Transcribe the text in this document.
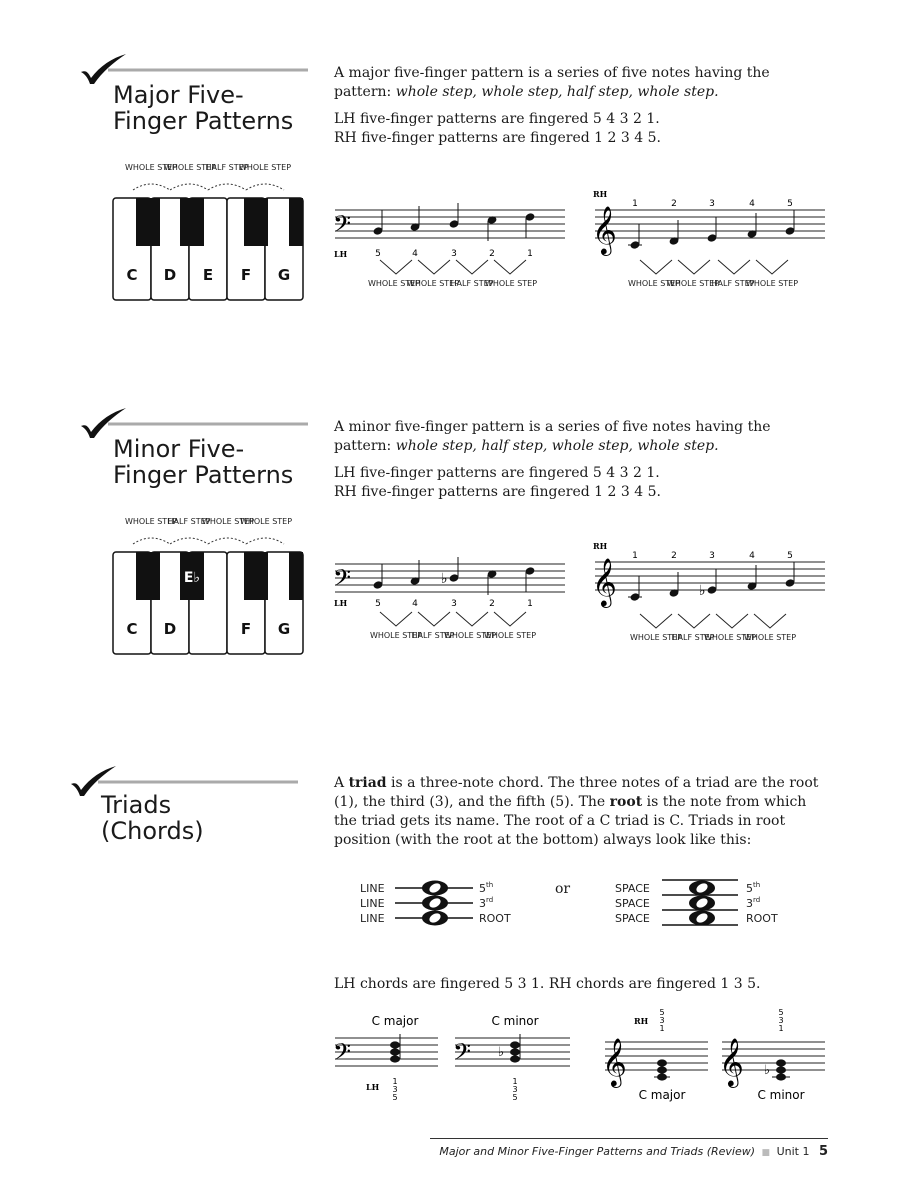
Major Five-
Finger Patterns

A major five-finger pattern is a series of five notes having the
pattern: whole step, whole step, half step, whole step.

LH five-finger patterns are fingered 5 4 3 2 1.
RH five-finger patterns are fingered 1 2 3 4 5.

WHOLE STEP
WHOLE STEP
HALF STEP
WHOLE STEP
C D E F G
𝄢
LH	5	4	3	2	1
WHOLE STEP
WHOLE STEP
HALF STEP
WHOLE STEP
RH
1	2	3	4	5
𝄞
WHOLE STEP
WHOLE STEP
HALF STEP
WHOLE STEP
Minor Five-
Finger Patterns

A minor five-finger pattern is a series of five notes having the
pattern: whole step, half step, whole step, whole step.

LH five-finger patterns are fingered 5 4 3 2 1.
RH five-finger patterns are fingered 1 2 3 4 5.

WHOLE STEP
HALF STEP
WHOLE STEP
WHOLE STEP
E♭
C D	F G
𝄢	♭
LH	5	4	3	2	1
WHOLE STEP
HALF STEP
WHOLE STEP
WHOLE STEP
RH
1	2	3	4	5
𝄞	♭
WHOLE STEP
HALF STEP
WHOLE STEP
WHOLE STEP
Triads
(Chords)

A triad is a three-note chord. The three notes of a triad are the root (1), the third (3), and the fifth (5). The root is the note from which the triad gets its name. The root of a C triad is C. Triads in root position (with the root at the bottom) always look like this:

LINE
LINE
LINE
5th
3rd
ROOT
or	SPACE
SPACE
SPACE
5th
3rd
ROOT
LH chords are fingered 5 3 1. RH chords are fingered 1 3 5.
C major	C minor
𝄢	𝄢 ♭
LH
1
3
5
1
3
5
RH
5
3
1
5
3
1
𝄞 𝄞 ♭
C major	C minor
Major and Minor Five-Finger Patterns and Triads (Review) ■ Unit 1 5
